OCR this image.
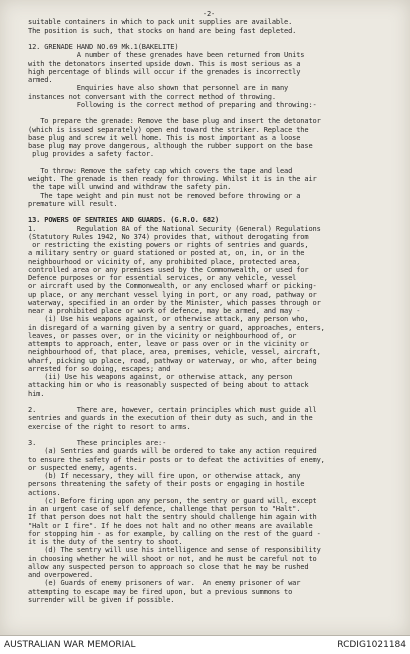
-2-
suitable containers in which to pack unit supplies are available.
The position is such, that stocks on hand are being fast depleted.
12. GRENADE HAND NO.69 Mk.1(BAKELITE)
A number of these grenades have been returned from Units
with the detonators inserted upside down. This is most serious as a
high percentage of blinds will occur if the grenades is incorrectly
armed.
Enquiries have also shown that personnel are in many
instances not conversant with the correct method of throwing.
Following is the correct method of preparing and throwing:-
To prepare the grenade: Remove the base plug and insert the detonator
(which is issued separately) open end toward the striker. Replace the
base plug and screw it well home. This is most important as a loose
base plug may prove dangerous, although the rubber support on the base
plug provides a safety factor.
To throw: Remove the safety cap which covers the tape and lead
weight. The grenade is then ready for throwing. Whilst it is in the air
the tape will unwind and withdraw the safety pin.
The tape weight and pin must not be removed before throwing or a
premature will result.
13. POWERS OF SENTRIES AND GUARDS. (G.R.O. 682)
1.          Regulation 8A of the National Security (General) Regulations
(Statutory Rules 1942, No 374) provides that, without derogating from
or restricting the existing powers or rights of sentries and guards,
a military sentry or guard stationed or posted at, on, in, or in the
neighbourhood or vicinity of, any prohibited place, protected area,
controlled area or any premises used by the Commonwealth, or used for
Defence purposes or for essential services, or any vehicle, vessel
or aircraft used by the Commonwealth, or any enclosed wharf or picking-
up place, or any merchant vessel lying in port, or any road, pathway or
waterway, specified in an order by the Minister, which passes through or
near a prohibited place or work of defence, may be armed, and may -
(i) Use his weapons against, or otherwise attack, any person who,
in disregard of a warning given by a sentry or guard, approaches, enters,
leaves, or passes over, or in the vicinity or neighbourhood of, or
attempts to approach, enter, leave or pass over or in the vicinity or
neighbourhood of, that place, area, premises, vehicle, vessel, aircraft,
wharf, picking up place, road, pathway or waterway, or who, after being
arrested for so doing, escapes; and
(ii) Use his weapons against, or otherwise attack, any person
attacking him or who is reasonably suspected of being about to attack
him.
2.          There are, however, certain principles which must guide all
sentries and guards in the execution of their duty as such, and in the
exercise of the right to resort to arms.
3.          These principles are:-
(a) Sentries and guards will be ordered to take any action required
to ensure the safety of their posts or to defeat the activities of enemy,
or suspected enemy, agents.
(b) If necessary, they will fire upon, or otherwise attack, any
persons threatening the safety of their posts or engaging in hostile
actions.
(c) Before firing upon any person, the sentry or guard will, except
in an urgent case of self defence, challenge that person to "Halt".
If that person does not halt the sentry should challenge him again with
"Halt or I fire". If he does not halt and no other means are available
for stopping him - as for example, by calling on the rest of the guard -
it is the duty of the sentry to shoot.
(d) The sentry will use his intelligence and sense of responsibility
in choosing whether he will shoot or not, and he must be careful not to
allow any suspected person to approach so close that he may be rushed
and overpowered.
(e) Guards of enemy prisoners of war.  An enemy prisoner of war
attempting to escape may be fired upon, but a previous summons to
surrender will be given if possible.
AUSTRALIAN WAR MEMORIAL	RCDIG1021184
